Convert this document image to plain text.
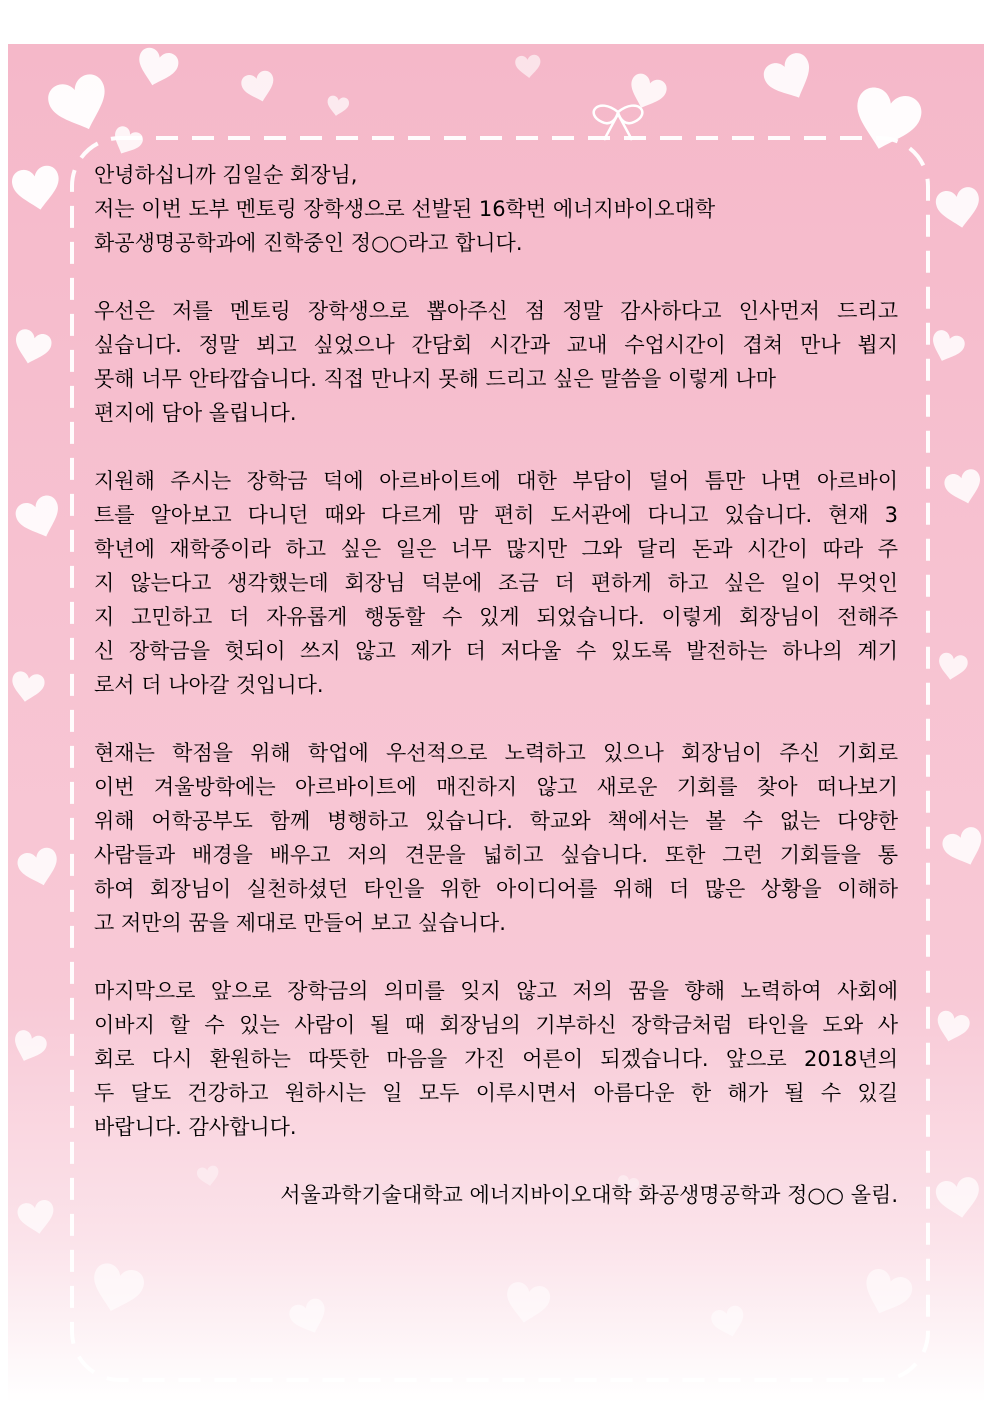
안녕하십니까 김일순 회장님,
저는 이번 도부 멘토링 장학생으로 선발된 16학번 에너지바이오대학
화공생명공학과에 진학중인 정○○라고 합니다.
우선은 저를 멘토링 장학생으로 뽑아주신 점 정말 감사하다고 인사먼저 드리고
싶습니다. 정말 뵈고 싶었으나 간담회 시간과 교내 수업시간이 겹쳐 만나 뵙지
못해 너무 안타깝습니다. 직접 만나지 못해 드리고 싶은 말씀을 이렇게 나마
편지에 담아 올립니다.
지원해 주시는 장학금 덕에 아르바이트에 대한 부담이 덜어 틈만 나면 아르바이
트를 알아보고 다니던 때와 다르게 맘 편히 도서관에 다니고 있습니다. 현재 3
학년에 재학중이라 하고 싶은 일은 너무 많지만 그와 달리 돈과 시간이 따라 주
지 않는다고 생각했는데 회장님 덕분에 조금 더 편하게 하고 싶은 일이 무엇인
지 고민하고 더 자유롭게 행동할 수 있게 되었습니다. 이렇게 회장님이 전해주
신 장학금을 헛되이 쓰지 않고 제가 더 저다울 수 있도록 발전하는 하나의 계기
로서 더 나아갈 것입니다.
현재는 학점을 위해 학업에 우선적으로 노력하고 있으나 회장님이 주신 기회로
이번 겨울방학에는 아르바이트에 매진하지 않고 새로운 기회를 찾아 떠나보기
위해 어학공부도 함께 병행하고 있습니다. 학교와 책에서는 볼 수 없는 다양한
사람들과 배경을 배우고 저의 견문을 넓히고 싶습니다. 또한 그런 기회들을 통
하여 회장님이 실천하셨던 타인을 위한 아이디어를 위해 더 많은 상황을 이해하
고 저만의 꿈을 제대로 만들어 보고 싶습니다.
마지막으로 앞으로 장학금의 의미를 잊지 않고 저의 꿈을 향해 노력하여 사회에
이바지 할 수 있는 사람이 될 때 회장님의 기부하신 장학금처럼 타인을 도와 사
회로 다시 환원하는 따뜻한 마음을 가진 어른이 되겠습니다. 앞으로 2018년의
두 달도 건강하고 원하시는 일 모두 이루시면서 아름다운 한 해가 될 수 있길
바랍니다. 감사합니다.
서울과학기술대학교 에너지바이오대학 화공생명공학과 정○○ 올림.
